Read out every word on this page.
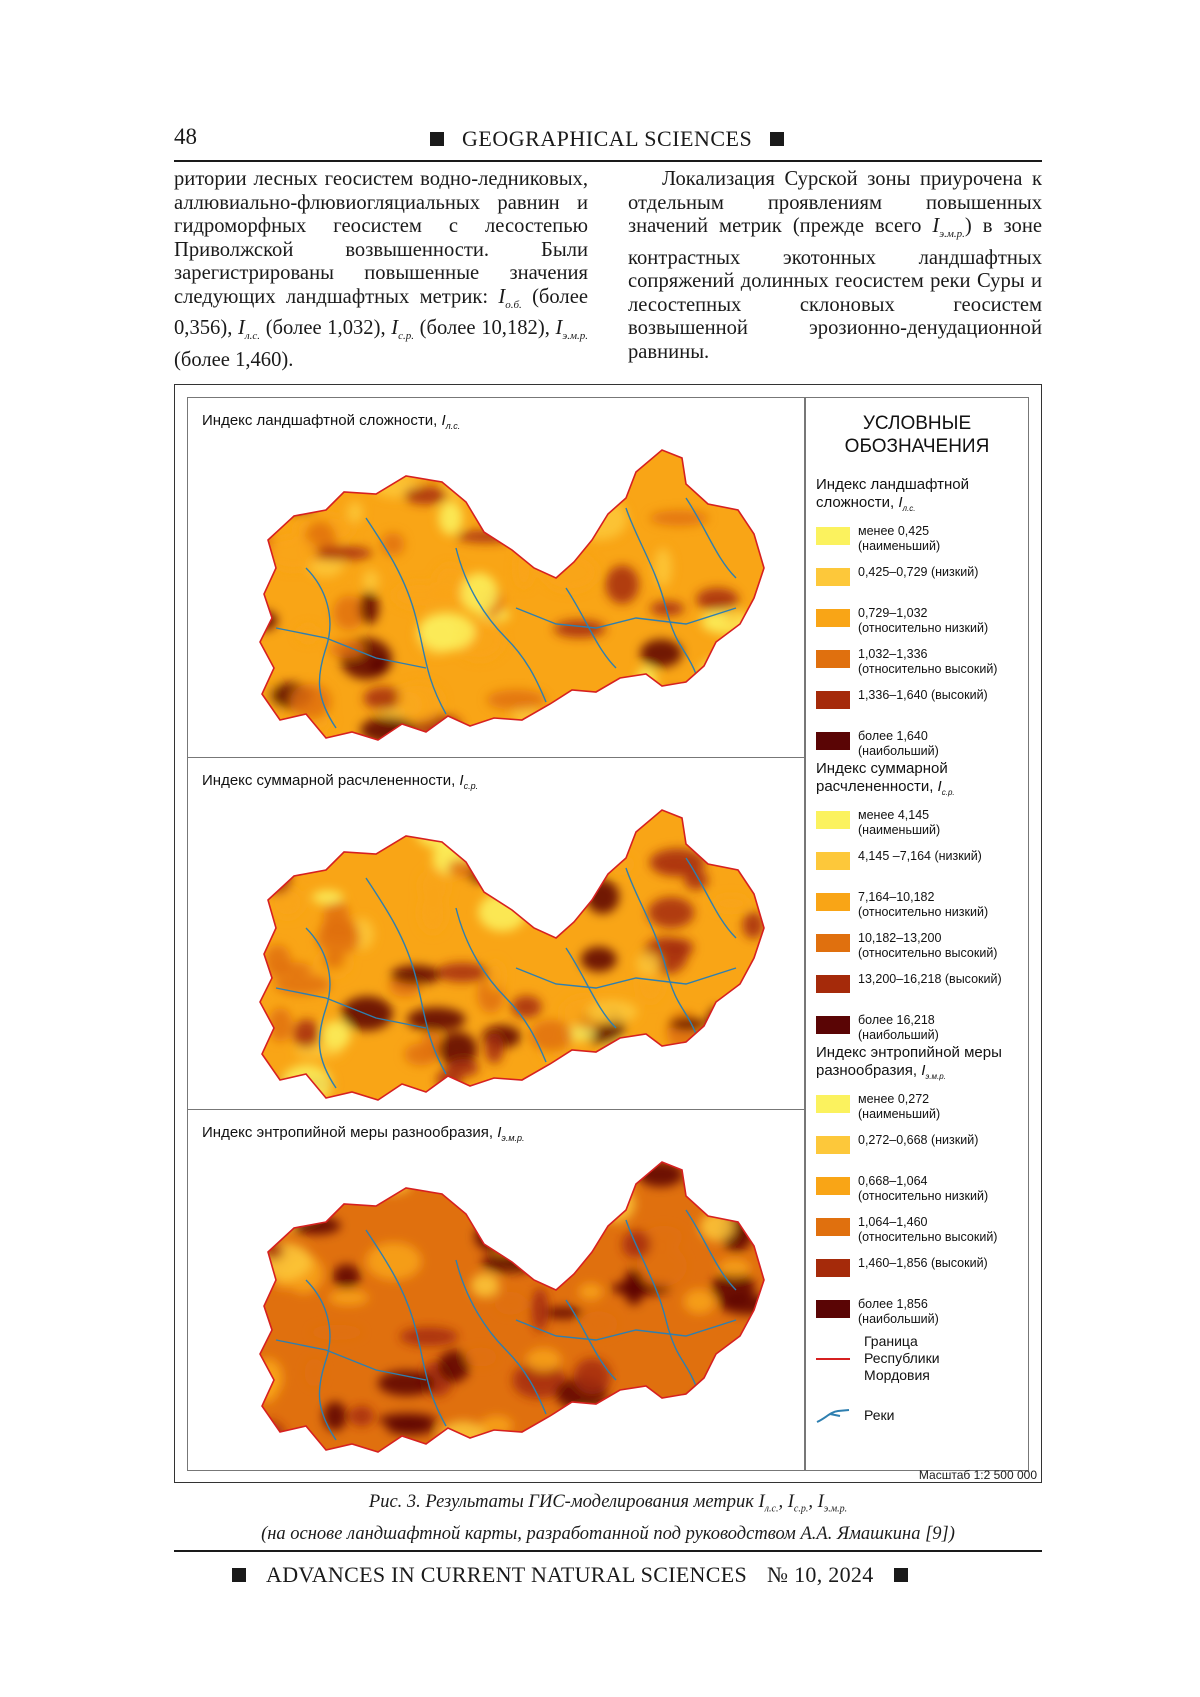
48	GEOGRAPHICAL SCIENCES

ритории лесных геосистем водно-ледниковых, аллювиально-флювиогляциальных равнин и гидроморфных геосистем с лесостепью Приволжской возвышенности. Были зарегистрированы повышенные значения следующих ландшафтных метрик: $I_{о.б.}$ (более 0,356), $I_{л.с.}$ (более 1,032), $I_{с.р.}$ (более 10,182), $I_{э.м.р.}$ (более 1,460).

Локализация Сурской зоны приурочена к отдельным проявлениям повышенных значений метрик (прежде всего $I_{э.м.р.}$) в зоне контрастных экотонных ландшафтных сопряжений долинных геосистем реки Суры и лесостепных склоновых геосистем возвышенной эрозионно-денудационной равнины.

Индекс ландшафтной сложности, $I_{л.с.}$
Индекс суммарной расчлененности, $I_{с.р.}$
Индекс энтропийной меры разнообразия, $I_{э.м.р.}$
УСЛОВНЫЕ
ОБОЗНАЧЕНИЯ
Индекс ландшафтной сложности, $I_{л.с.}$
менее 0,425
(наименьший)
0,425–0,729 (низкий)
0,729–1,032
(относительно низкий)
1,032–1,336
(относительно высокий)
1,336–1,640 (высокий)
более 1,640
(наибольший)
Индекс суммарной расчлененности, $I_{с.р.}$
менее 4,145
(наименьший)
4,145 –7,164 (низкий)
7,164–10,182
(относительно низкий)
10,182–13,200
(относительно высокий)
13,200–16,218 (высокий)
более 16,218
(наибольший)
Индекс энтропийной меры разнообразия, $I_{э.м.р.}$
менее 0,272
(наименьший)
0,272–0,668 (низкий)
0,668–1,064
(относительно низкий)
1,064–1,460
(относительно высокий)
1,460–1,856 (высокий)
более 1,856
(наибольший)
Граница Республики Мордовия
Реки
Масштаб 1:2 500 000
Рис. 3. Результаты ГИС-моделирования метрик $I_{л.с.}$, $I_{с.р.}$, $I_{э.м.р.}$
(на основе ландшафтной карты, разработанной под руководством А.А. Ямашкина [9])
ADVANCES IN CURRENT NATURAL SCIENCES № 10, 2024
